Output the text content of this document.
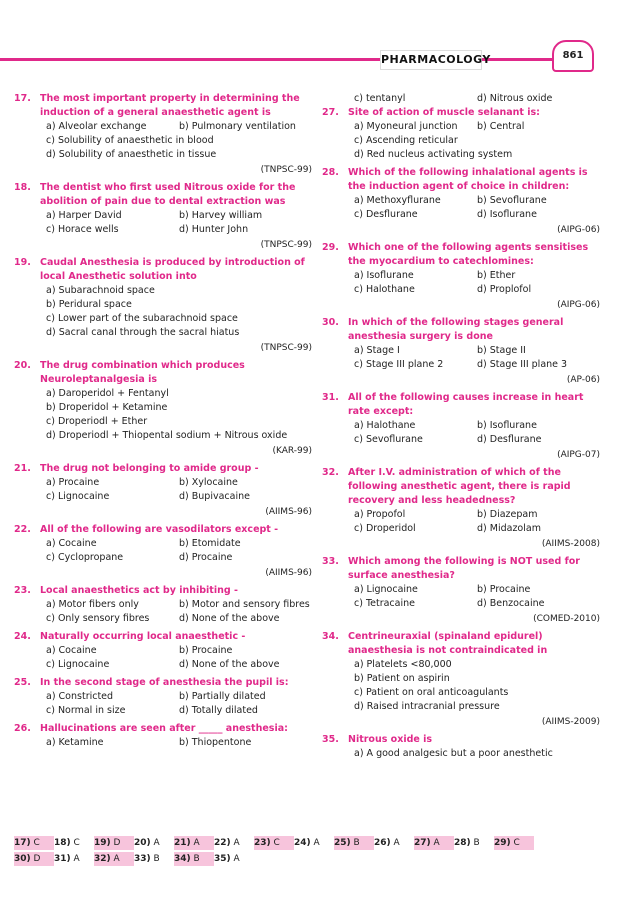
PHARMACOLOGY	861
17. The most important property in determining the induction of a general anaesthetic agent is
a) Alveolar exchange	b) Pulmonary ventilation
c) Solubility of anaesthetic in blood
d) Solubility of anaesthetic in tissue
(TNPSC-99)
18. The dentist who first used Nitrous oxide for the abolition of pain due to dental extraction was
a) Harper David	b) Harvey william
c) Horace wells	d) Hunter John
(TNPSC-99)
19. Caudal Anesthesia is produced by introduction of local Anesthetic solution into
a) Subarachnoid space
b) Peridural space
c) Lower part of the subarachnoid space
d) Sacral canal through the sacral hiatus
(TNPSC-99)
20. The drug combination which produces Neuroleptanalgesia is
a) Daroperidol + Fentanyl
b) Droperidol + Ketamine
c) Droperiodl + Ether
d) Droperiodl + Thiopental sodium + Nitrous oxide
(KAR-99)
21. The drug not belonging to amide group -
a) Procaine	b) Xylocaine
c) Lignocaine	d) Bupivacaine
(AIIMS-96)
22. All of the following are vasodilators except -
a) Cocaine	b) Etomidate
c) Cyclopropane	d) Procaine
(AIIMS-96)
23. Local anaesthetics act by inhibiting -
a) Motor fibers only	b) Motor and sensory fibres
c) Only sensory fibres	d) None of the above
24. Naturally occurring local anaesthetic -
a) Cocaine	b) Procaine
c) Lignocaine	d) None of the above
25. In the second stage of anesthesia the pupil is:
a) Constricted	b) Partially dilated
c) Normal in size	d) Totally dilated
26. Hallucinations are seen after _____ anesthesia:
a) Ketamine	b) Thiopentone
c) tentanyl	d) Nitrous oxide
27. Site of action of muscle selanant is:
a) Myoneural junction	b) Central
c) Ascending reticular
d) Red nucleus activating system
28. Which of the following inhalational agents is the induction agent of choice in children:
a) Methoxyflurane	b) Sevoflurane
c) Desflurane	d) Isoflurane
(AIPG-06)
29. Which one of the following agents sensitises the myocardium to catechlomines:
a) Isoflurane	b) Ether
c) Halothane	d) Proplofol
(AIPG-06)
30. In which of the following stages general anesthesia surgery is done
a) Stage I	b) Stage II
c) Stage III plane 2	d) Stage III plane 3
(AP-06)
31. All of the following causes increase in heart rate except:
a) Halothane	b) Isoflurane
c) Sevoflurane	d) Desflurane
(AIPG-07)
32. After I.V. administration of which of the following anesthetic agent, there is rapid recovery and less headedness?
a) Propofol	b) Diazepam
c) Droperidol	d) Midazolam
(AIIMS-2008)
33. Which among the following is NOT used for surface anesthesia?
a) Lignocaine	b) Procaine
c) Tetracaine	d) Benzocaine
(COMED-2010)
34. Centrineuraxial (spinaland epidurel) anaesthesia is not contraindicated in
a) Platelets <80,000
b) Patient on aspirin
c) Patient on oral anticoagulants
d) Raised intracranial pressure
(AIIMS-2009)
35. Nitrous oxide is
a) A good analgesic but a poor anesthetic
17) C	18) C	19) D	20) A	21) A	22) A	23) C	24) A	25) B	26) A	27) A	28) B	29) C
30) D	31) A	32) A	33) B	34) B	35) A
